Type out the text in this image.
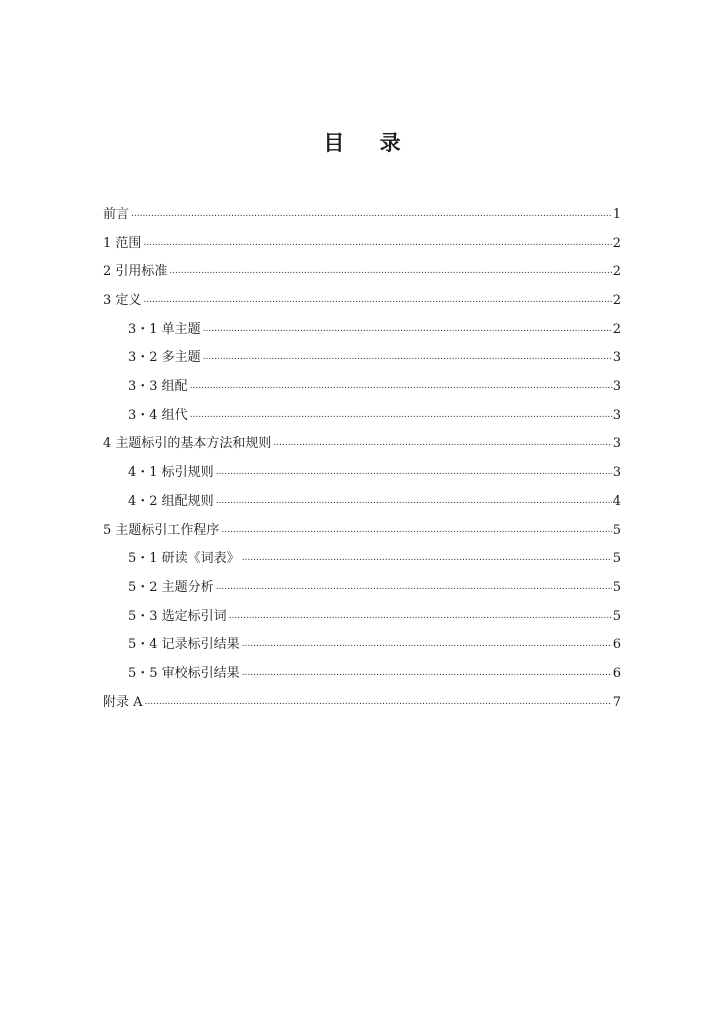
目 录
前言 .....	1
1 范围 .....	2
2 引用标准 .....	2
3 定义 .....	2
3・1 单主题 .....	2
3・2 多主题 .....	3
3・3 组配 .....	3
3・4 组代 .....	3
4 主题标引的基本方法和规则 .....	3
4・1 标引规则 .....	3
4・2 组配规则 .....	4
5 主题标引工作程序 .....	5
5・1 研读《词表》 .....	5
5・2 主题分析 .....	5
5・3 选定标引词 .....	5
5・4 记录标引结果 .....	6
5・5 审校标引结果 .....	6
附录 A .....	7
